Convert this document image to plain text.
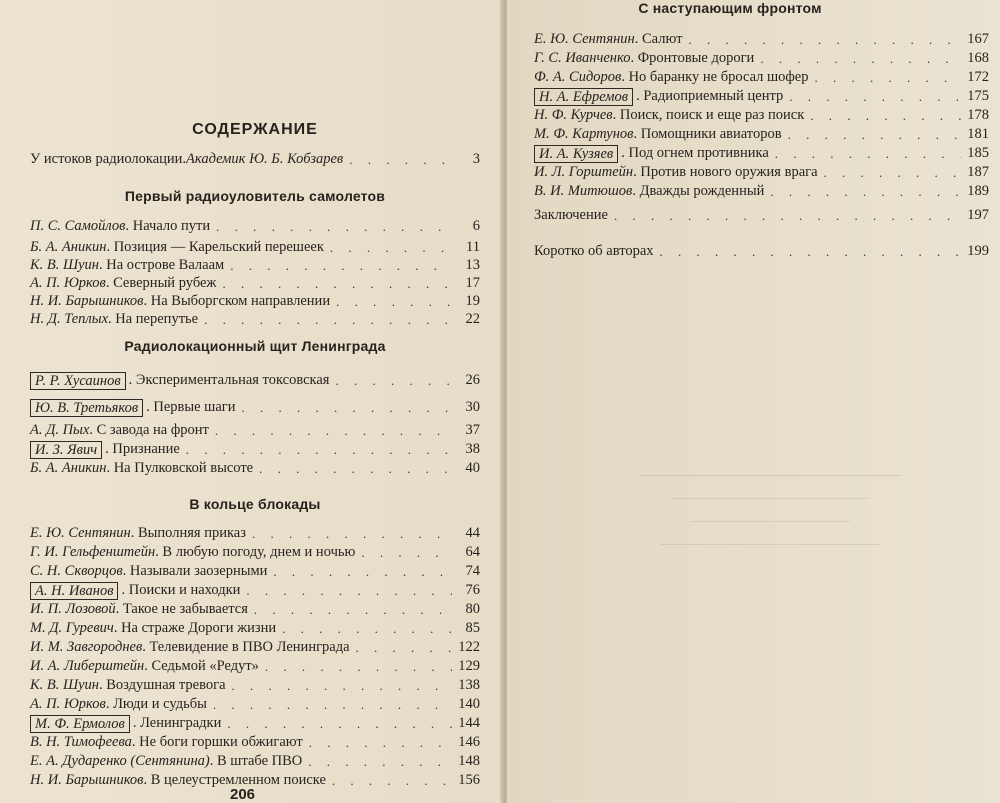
СОДЕРЖАНИЕ
У истоков радиолокации. Академик Ю. Б. Кобзарев . . .	3
Первый радиоуловитель самолетов
П. С. Самойлов . Начало пути . . .	6
Б. А. Аникин . Позиция — Карельский перешеек . . .	11
К. В. Шуин . На острове Валаам . . .	13
А. П. Юрков . Северный рубеж . . .	17
Н. И. Барышников . На Выборгском направлении . . .	19
Н. Д. Теплых . На перепутье . . .	22
Радиолокационный щит Ленинграда
Р. Р. Хусаинов . Экспериментальная токсовская . . .	26
Ю. В. Третьяков . Первые шаги . . .	30
А. Д. Пых . С завода на фронт . . .	37
И. З. Явич . Признание . . .	38
Б. А. Аникин . На Пулковской высоте . . .	40
В кольце блокады
Е. Ю. Сентянин . Выполняя приказ . . .	44
Г. И. Гельфенштейн . В любую погоду, днем и ночью . . .	64
С. Н. Скворцов . Называли заозерными . . .	74
А. Н. Иванов . Поиски и находки . . .	76
И. П. Лозовой . Такое не забывается . . .	80
М. Д. Гуревич . На страже Дороги жизни . . .	85
И. М. Завгороднев . Телевидение в ПВО Ленинграда . . .	122
И. А. Либерштейн . Седьмой «Редут» . . .	129
К. В. Шуин . Воздушная тревога . . .	138
А. П. Юрков . Люди и судьбы . . .	140
М. Ф. Ермолов . Ленинградки . . .	144
В. Н. Тимофеева . Не боги горшки обжигают . . .	146
Е. А. Дударенко (Сентянина) . В штабе ПВО . . .	148
Н. И. Барышников . В целеустремленном поиске . . .	156
206
С наступающим фронтом
Е. Ю. Сентянин . Салют . . .	167
Г. С. Иванченко . Фронтовые дороги . . .	168
Ф. А. Сидоров . Но баранку не бросал шофер . . .	172
Н. А. Ефремов . Радиоприемный центр . . .	175
Н. Ф. Курчев . Поиск, поиск и еще раз поиск . . .	178
М. Ф. Картунов . Помощники авиаторов . . .	181
И. А. Кузяев . Под огнем противника . . .	185
И. Л. Горштейн . Против нового оружия врага . . .	187
В. И. Митюшов . Дважды рожденный . . .	189
Заключение . . .	197
Коротко об авторах . . .	199
